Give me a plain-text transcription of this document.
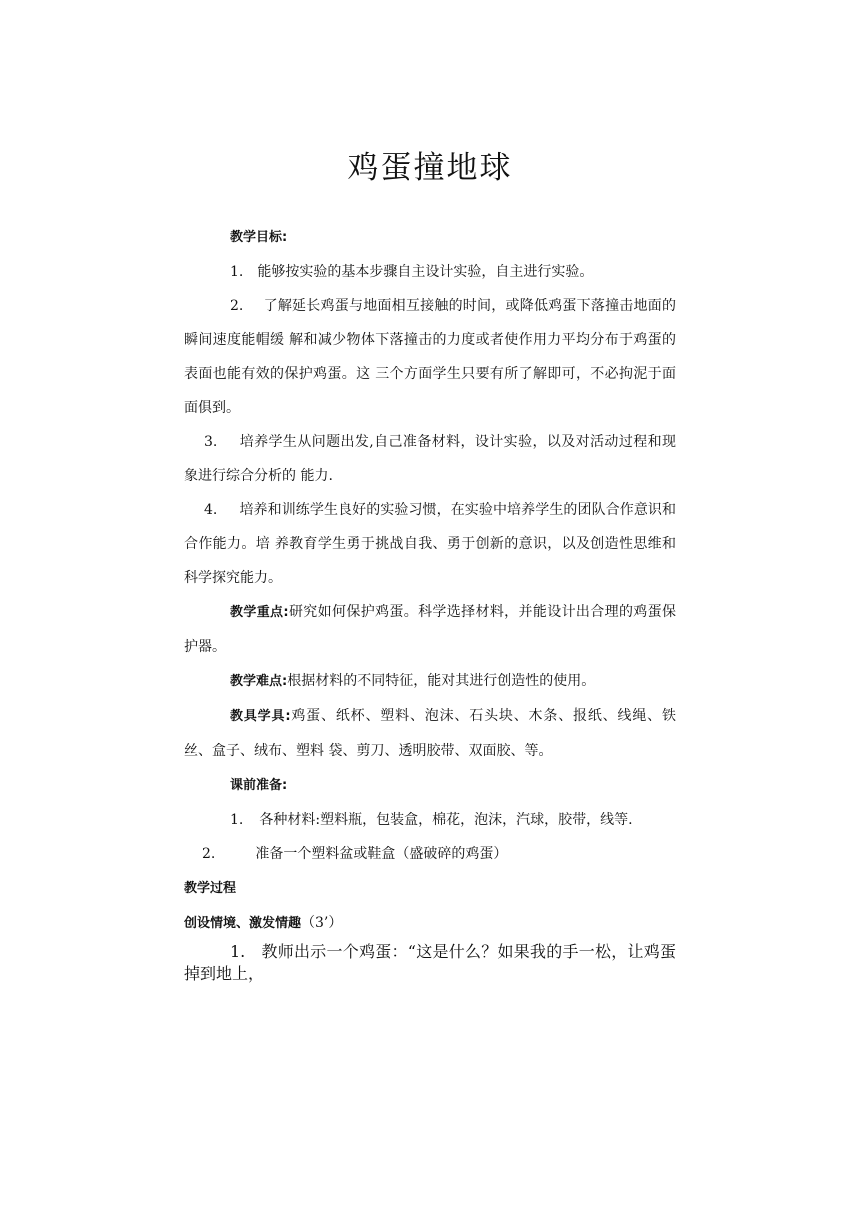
鸡蛋撞地球

教学目标:

1. 能够按实验的基本步骤自主设计实验，自主进行实验。

2. 了解延长鸡蛋与地面相互接触的时间，或降低鸡蛋下落撞击地面的瞬间速度能帽缓 解和减少物体下落撞击的力度或者使作用力平均分布于鸡蛋的表面也能有效的保护鸡蛋。这 三个方面学生只要有所了解即可，不必拘泥于面面俱到。

3. 培养学生从问题出发,自己准备材料，设计实验，以及对活动过程和现象进行综合分析的 能力.

4. 培养和训练学生良好的实验习惯，在实验中培养学生的团队合作意识和合作能力。培 养教育学生勇于挑战自我、勇于创新的意识，以及创造性思维和科学探究能力。

教学重点:研究如何保护鸡蛋。科学选择材料，并能设计出合理的鸡蛋保护器。

教学难点:根据材料的不同特征，能对其进行创造性的使用。

教具学具:鸡蛋、纸杯、塑料、泡沫、石头块、木条、报纸、线绳、铁丝、盒子、绒布、塑料 袋、剪刀、透明胶带、双面胶、等。

课前准备:

1. 各种材料:塑料瓶，包装盒，棉花，泡沫，汽球，胶带，线等.

2.	准备一个塑料盆或鞋盒（盛破碎的鸡蛋）

教学过程

创设情境、激发情趣（3’）

1. 教师出示一个鸡蛋：“这是什么？如果我的手一松，让鸡蛋掉到地上，
